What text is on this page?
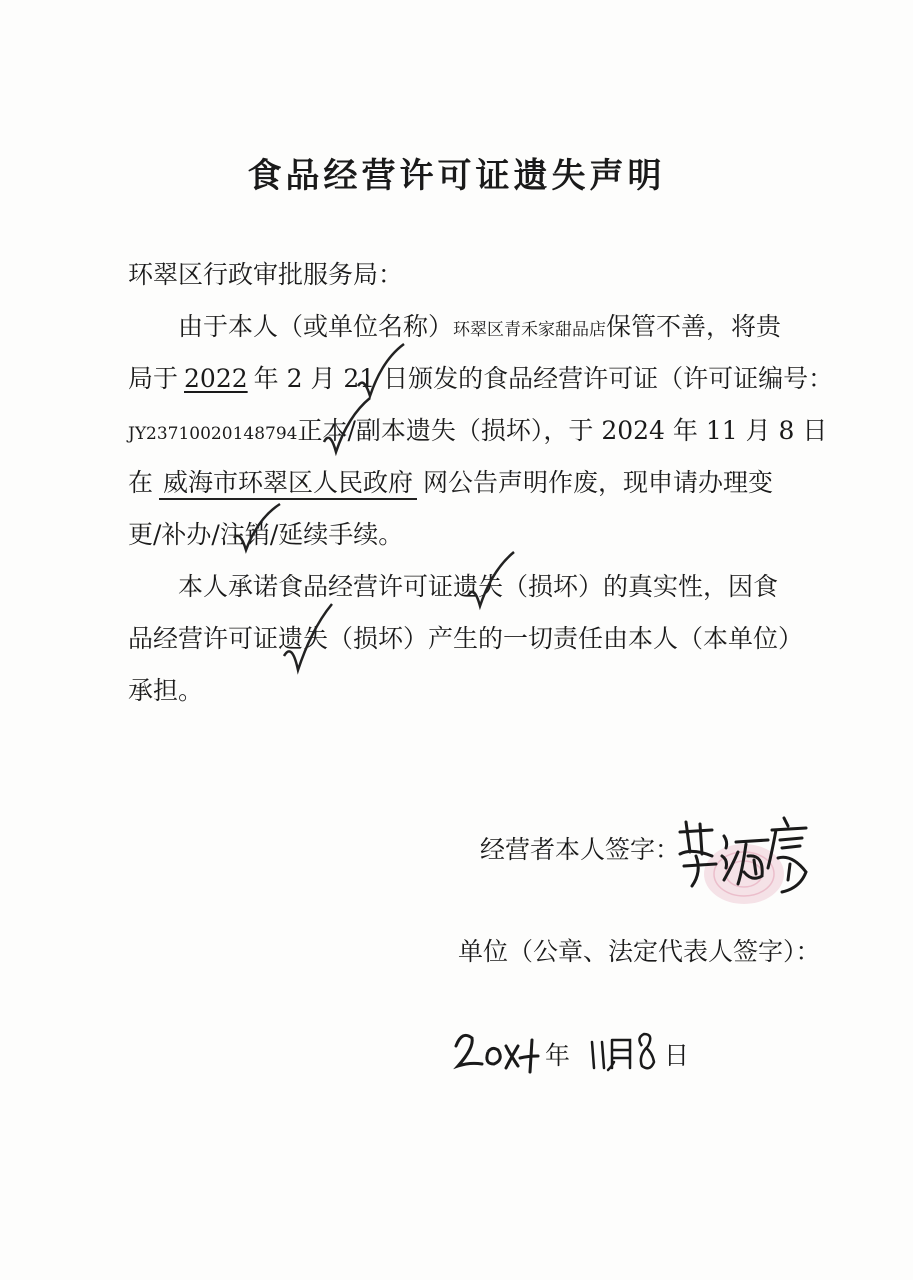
食品经营许可证遗失声明
环翠区行政审批服务局：
由于本人（或单位名称）环翠区青禾家甜品店保管不善，将贵
局于 2022 年 2 月 21 日颁发的食品经营许可证（许可证编号：
JY23710020148794正本/副本遗失（损坏），于 2024 年 11 月 8 日
在 威海市环翠区人民政府 网公告声明作废，现申请办理变
更/补办/注销/延续手续。
本人承诺食品经营许可证遗失（损坏）的真实性，因食
品经营许可证遗失（损坏）产生的一切责任由本人（本单位）
承担。
经营者本人签字：
单位（公章、法定代表人签字）：
年	日
